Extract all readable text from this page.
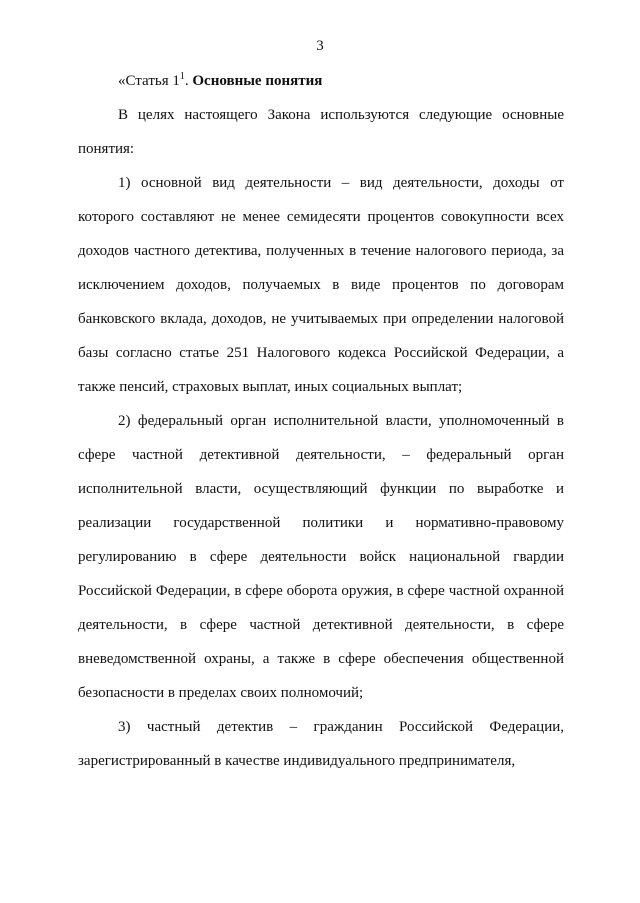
3

«Статья $1^1$. Основные понятия

В целях настоящего Закона используются следующие основные понятия:

1) основной вид деятельности – вид деятельности, доходы от которого составляют не менее семидесяти процентов совокупности всех доходов частного детектива, полученных в течение налогового периода, за исключением доходов, получаемых в виде процентов по договорам банковского вклада, доходов, не учитываемых при определении налоговой базы согласно статье 251 Налогового кодекса Российской Федерации, а также пенсий, страховых выплат, иных социальных выплат;

2) федеральный орган исполнительной власти, уполномоченный в сфере частной детективной деятельности, – федеральный орган исполнительной власти, осуществляющий функции по выработке и реализации государственной политики и нормативно-правовому регулированию в сфере деятельности войск национальной гвардии Российской Федерации, в сфере оборота оружия, в сфере частной охранной деятельности, в сфере частной детективной деятельности, в сфере вневедомственной охраны, а также в сфере обеспечения общественной безопасности в пределах своих полномочий;

3) частный детектив – гражданин Российской Федерации, зарегистрированный в качестве индивидуального предпринимателя,
